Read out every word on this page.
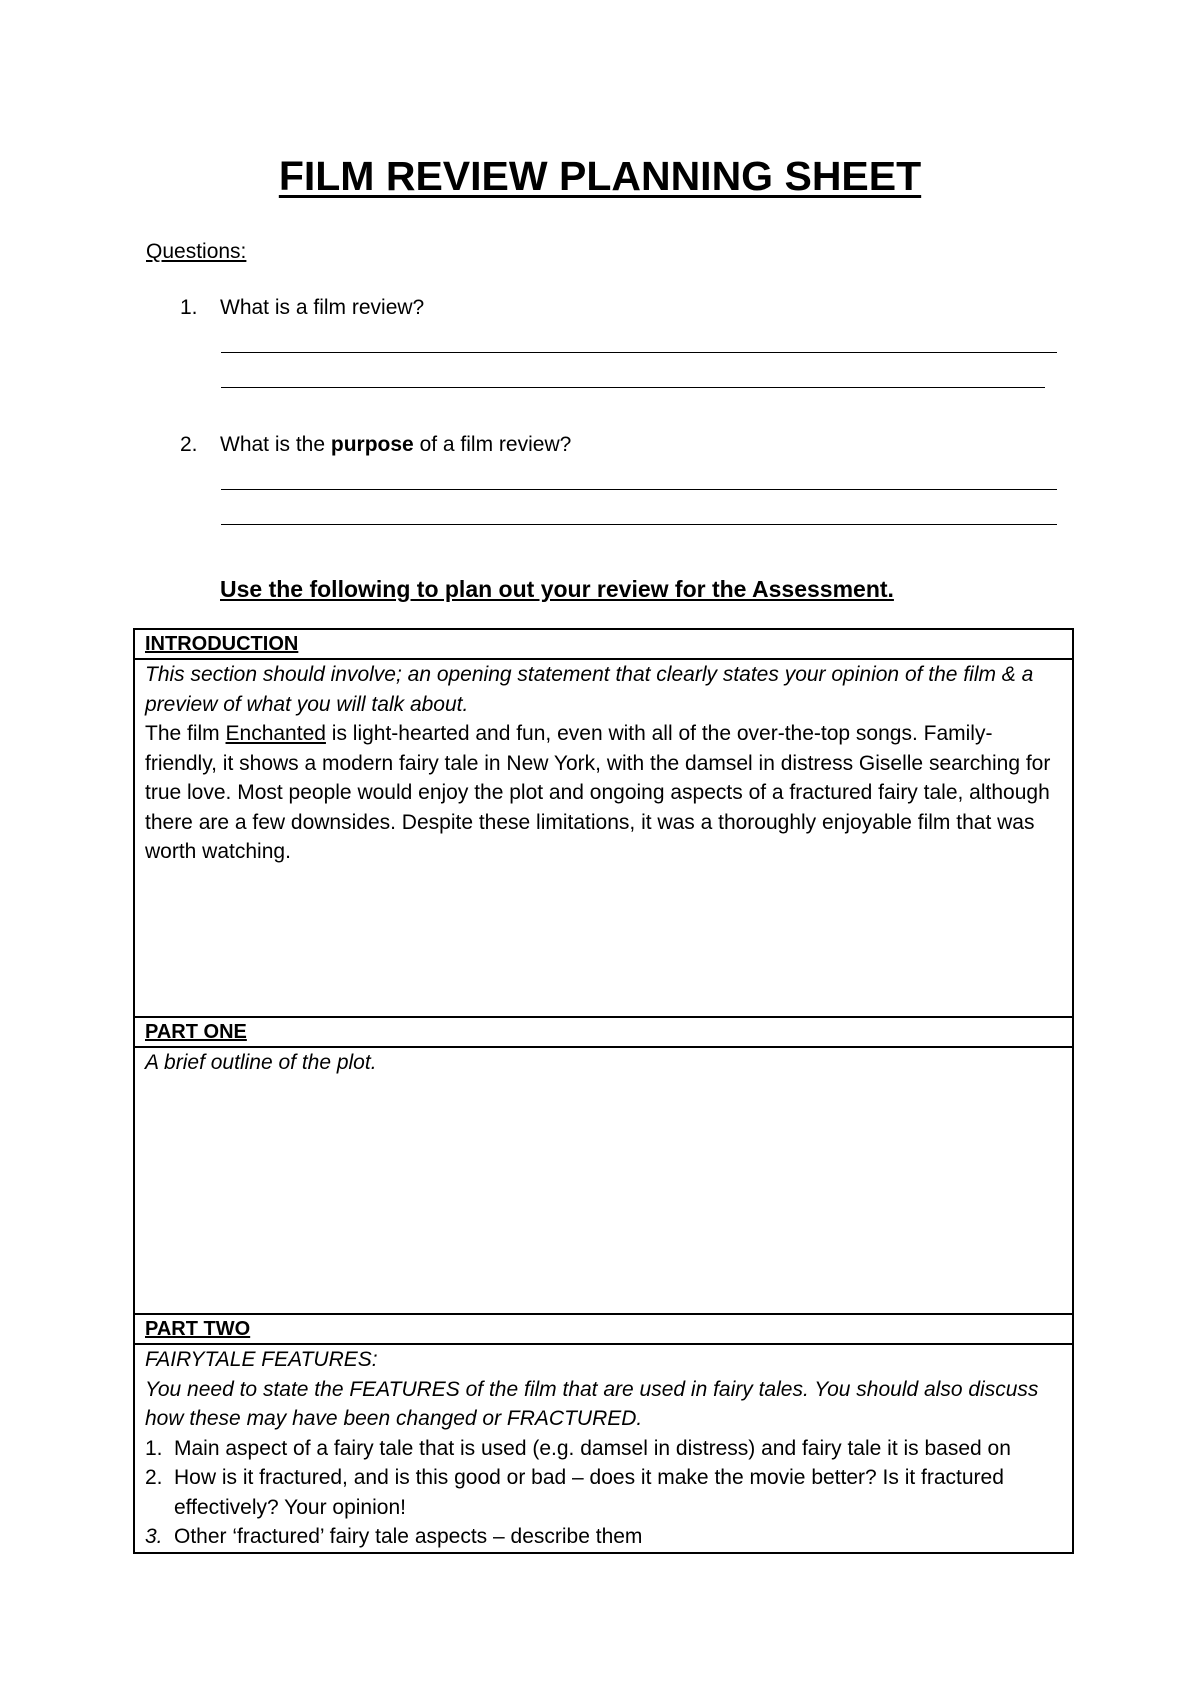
FILM REVIEW PLANNING SHEET
Questions:
1. What is a film review?
2. What is the purpose of a film review?
Use the following to plan out your review for the Assessment.
INTRODUCTION

This section should involve; an opening statement that clearly states your opinion of the film & a preview of what you will talk about.
The film Enchanted is light-hearted and fun, even with all of the over-the-top songs. Family-friendly, it shows a modern fairy tale in New York, with the damsel in distress Giselle searching for true love. Most people would enjoy the plot and ongoing aspects of a fractured fairy tale, although there are a few downsides. Despite these limitations, it was a thoroughly enjoyable film that was worth watching.

PART ONE

A brief outline of the plot.

PART TWO

FAIRYTALE FEATURES:
You need to state the FEATURES of the film that are used in fairy tales. You should also discuss how these may have been changed or FRACTURED.
1. Main aspect of a fairy tale that is used (e.g. damsel in distress) and fairy tale it is based on
2. How is it fractured, and is this good or bad – does it make the movie better? Is it fractured effectively? Your opinion!
3. Other ‘fractured’ fairy tale aspects – describe them
